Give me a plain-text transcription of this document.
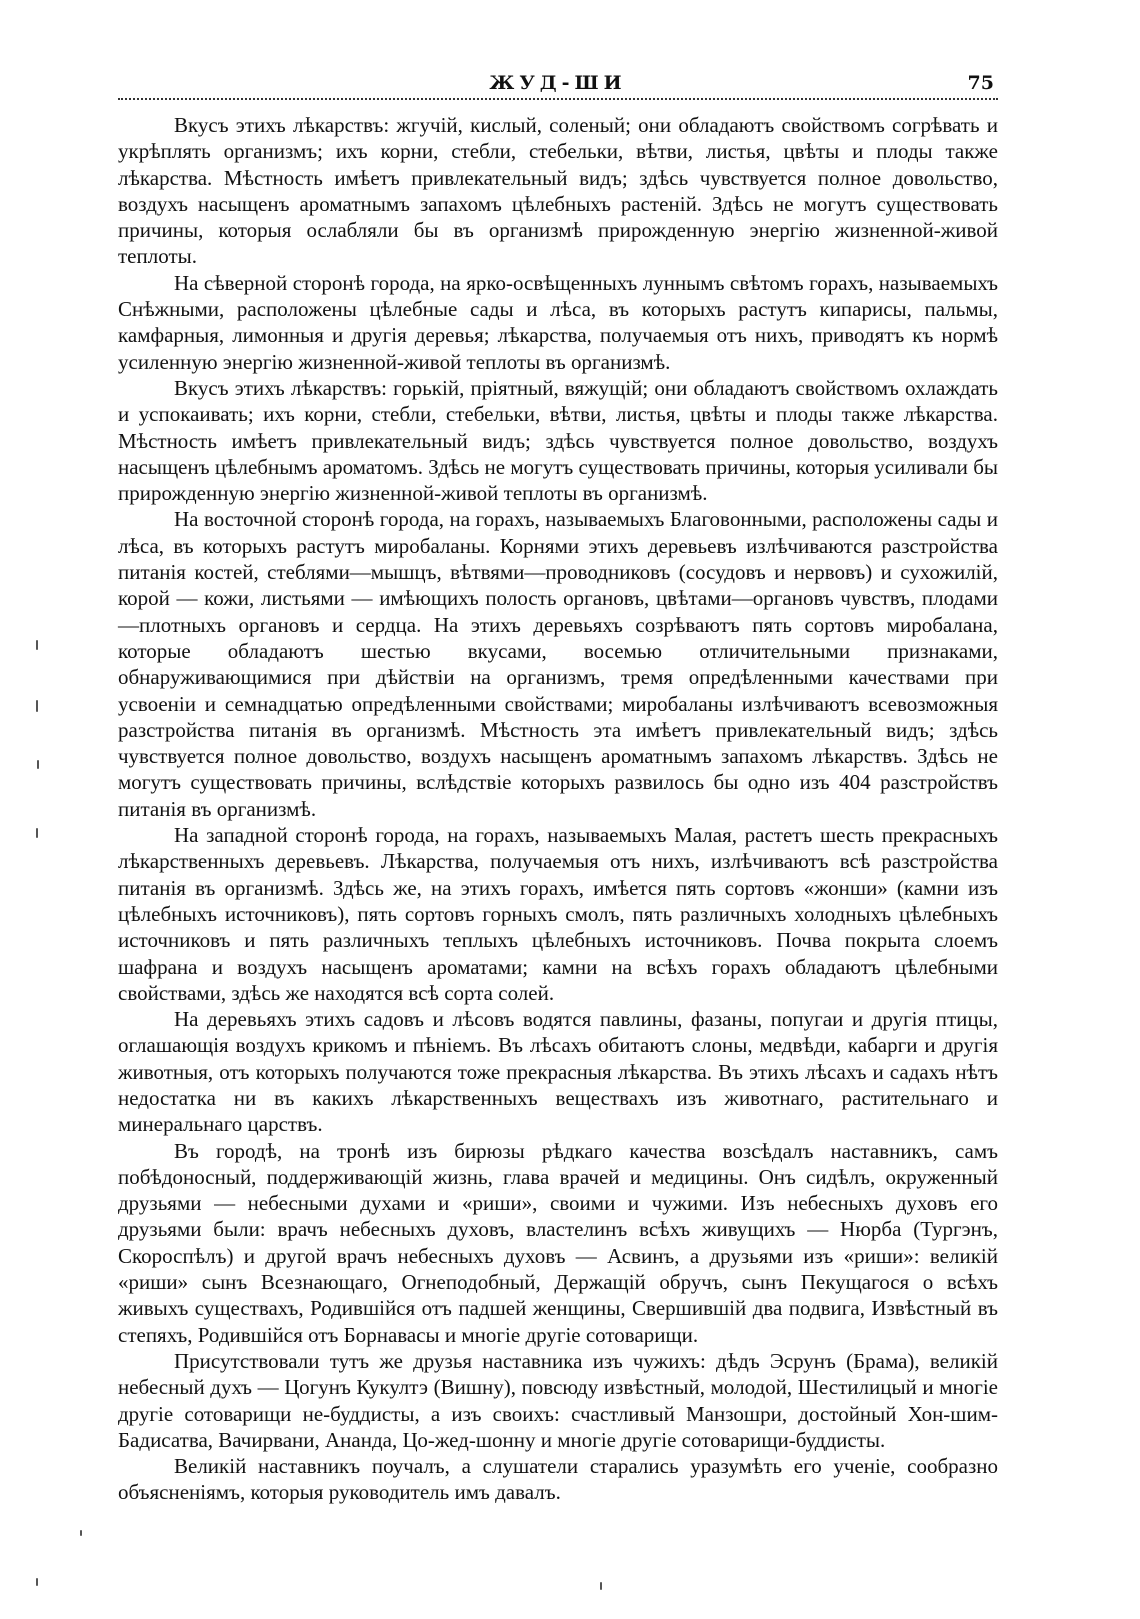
ЖУД-ШИ	75

Вкусъ этихъ лѣкарствъ: жгучій, кислый, соленый; они обладаютъ свойствомъ согрѣвать и укрѣплять организмъ; ихъ корни, стебли, стебельки, вѣтви, листья, цвѣты и плоды также лѣкарства. Мѣстность имѣетъ привлекательный видъ; здѣсь чувствуется полное довольство, воздухъ насыщенъ ароматнымъ запахомъ цѣлебныхъ растеній. Здѣсь не могутъ существовать причины, которыя ослабляли бы въ организмѣ прирожденную энергію жизненной-живой теплоты.

На сѣверной сторонѣ города, на ярко-освѣщенныхъ луннымъ свѣтомъ горахъ, называемыхъ Снѣжными, расположены цѣлебные сады и лѣса, въ которыхъ растутъ кипарисы, пальмы, камфарныя, лимонныя и другія деревья; лѣкарства, получаемыя отъ нихъ, приводятъ къ нормѣ усиленную энергію жизненной-живой теплоты въ организмѣ.

Вкусъ этихъ лѣкарствъ: горькій, пріятный, вяжущій; они обладаютъ свойствомъ охлаждать и успокаивать; ихъ корни, стебли, стебельки, вѣтви, листья, цвѣты и плоды также лѣкарства. Мѣстность имѣетъ привлекательный видъ; здѣсь чувствуется полное довольство, воздухъ насыщенъ цѣлебнымъ ароматомъ. Здѣсь не могутъ существовать причины, которыя усиливали бы прирожденную энергію жизненной-живой теплоты въ организмѣ.

На восточной сторонѣ города, на горахъ, называемыхъ Благовонными, расположены сады и лѣса, въ которыхъ растутъ миробаланы. Корнями этихъ деревьевъ излѣчиваются разстройства питанія костей, стеблями—мышцъ, вѣтвями—проводниковъ (сосудовъ и нервовъ) и сухожилій, корой — кожи, листьями — имѣющихъ полость органовъ, цвѣтами—органовъ чувствъ, плодами—плотныхъ органовъ и сердца. На этихъ деревьяхъ созрѣваютъ пять сортовъ миробалана, которые обладаютъ шестью вкусами, восемью отличительными признаками, обнаруживающимися при дѣйствіи на организмъ, тремя опредѣленными качествами при усвоеніи и семнадцатью опредѣленными свойствами; миробаланы излѣчиваютъ всевозможныя разстройства питанія въ организмѣ. Мѣстность эта имѣетъ привлекательный видъ; здѣсь чувствуется полное довольство, воздухъ насыщенъ ароматнымъ запахомъ лѣкарствъ. Здѣсь не могутъ существовать причины, вслѣдствіе которыхъ развилось бы одно изъ 404 разстройствъ питанія въ организмѣ.

На западной сторонѣ города, на горахъ, называемыхъ Малая, растетъ шесть прекрасныхъ лѣкарственныхъ деревьевъ. Лѣкарства, получаемыя отъ нихъ, излѣчиваютъ всѣ разстройства питанія въ организмѣ. Здѣсь же, на этихъ горахъ, имѣется пять сортовъ «жонши» (камни изъ цѣлебныхъ источниковъ), пять сортовъ горныхъ смолъ, пять различныхъ холодныхъ цѣлебныхъ источниковъ и пять различныхъ теплыхъ цѣлебныхъ источниковъ. Почва покрыта слоемъ шафрана и воздухъ насыщенъ ароматами; камни на всѣхъ горахъ обладаютъ цѣлебными свойствами, здѣсь же находятся всѣ сорта солей.

На деревьяхъ этихъ садовъ и лѣсовъ водятся павлины, фазаны, попугаи и другія птицы, оглашающія воздухъ крикомъ и пѣніемъ. Въ лѣсахъ обитаютъ слоны, медвѣди, кабарги и другія животныя, отъ которыхъ получаются тоже прекрасныя лѣкарства. Въ этихъ лѣсахъ и садахъ нѣтъ недостатка ни въ какихъ лѣкарственныхъ веществахъ изъ животнаго, растительнаго и минеральнаго царствъ.

Въ городѣ, на тронѣ изъ бирюзы рѣдкаго качества возсѣдалъ наставникъ, самъ побѣдоносный, поддерживающій жизнь, глава врачей и медицины. Онъ сидѣлъ, окруженный друзьями — небесными духами и «риши», своими и чужими. Изъ небесныхъ духовъ его друзьями были: врачъ небесныхъ духовъ, властелинъ всѣхъ живущихъ — Нюрба (Тургэнъ, Скороспѣлъ) и другой врачъ небесныхъ духовъ — Асвинъ, а друзьями изъ «риши»: великій «риши» сынъ Всезнающаго, Огнеподобный, Держащій обручъ, сынъ Пекущагося о всѣхъ живыхъ существахъ, Родившійся отъ падшей женщины, Свершившій два подвига, Извѣстный въ степяхъ, Родившійся отъ Борнавасы и многіе другіе сотоварищи.

Присутствовали тутъ же друзья наставника изъ чужихъ: дѣдъ Эсрунъ (Брама), великій небесный духъ — Цогунъ Кукултэ (Вишну), повсюду извѣстный, молодой, Шестилицый и многіе другіе сотоварищи не-буддисты, а изъ своихъ: счастливый Манзошри, достойный Хон-шим-Бадисатва, Вачирвани, Ананда, Цо-жед-шонну и многіе другіе сотоварищи-буддисты.

Великій наставникъ поучалъ, а слушатели старались уразумѣть его ученіе, сообразно объясненіямъ, которыя руководитель имъ давалъ.
